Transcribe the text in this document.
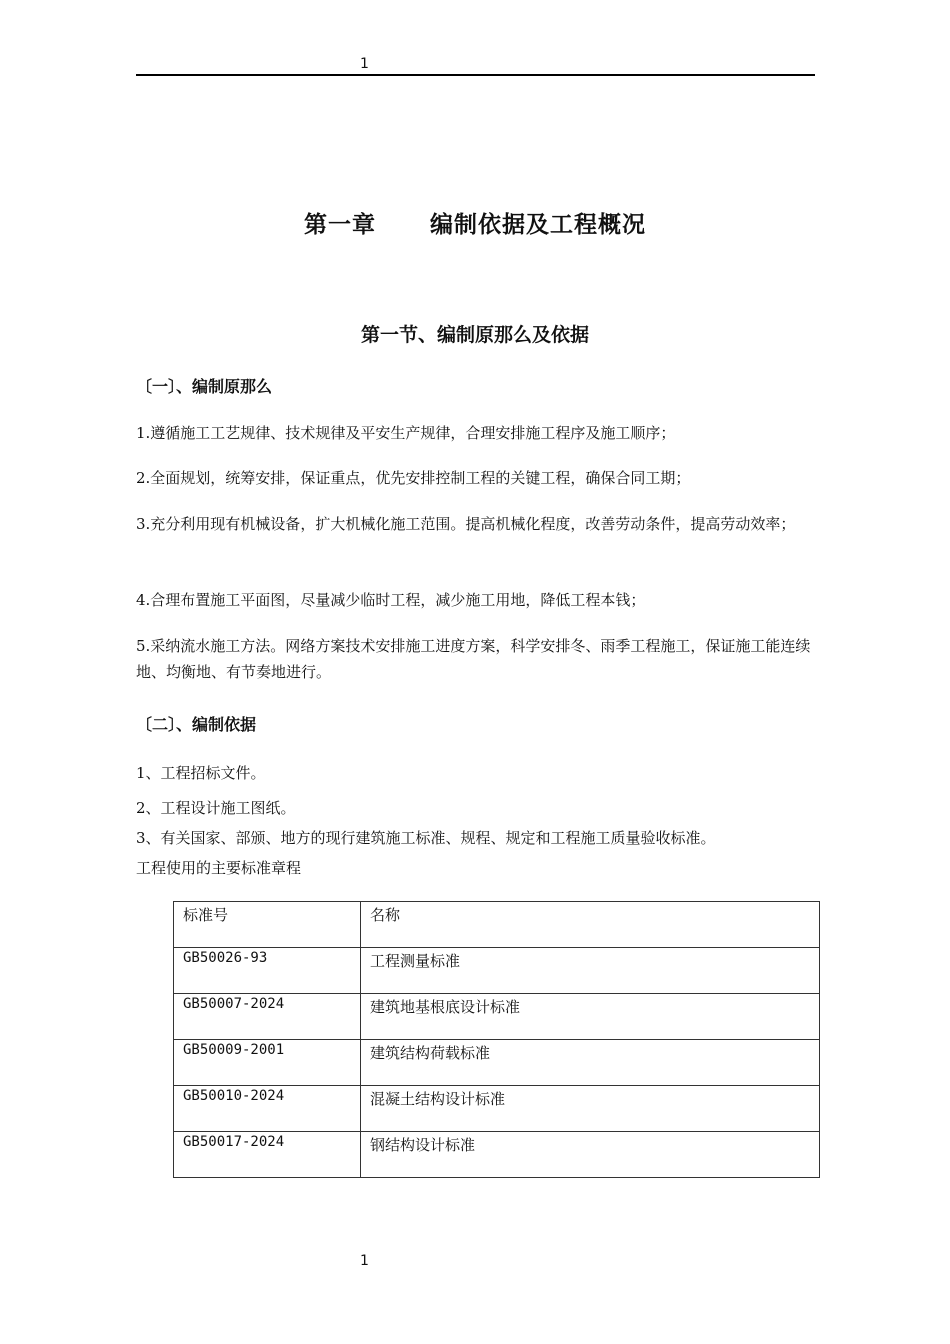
1
第一章 编制依据及工程概况
第一节、编制原那么及依据
〔一〕、编制原那么
1.遵循施工工艺规律、技术规律及平安生产规律，合理安排施工程序及施工顺序；
2.全面规划，统筹安排，保证重点，优先安排控制工程的关键工程，确保合同工期；
3.充分利用现有机械设备，扩大机械化施工范围。提高机械化程度，改善劳动条件，提高劳动效率；
4.合理布置施工平面图，尽量减少临时工程，减少施工用地，降低工程本钱；
5.采纳流水施工方法。网络方案技术安排施工进度方案，科学安排冬、雨季工程施工，保证施工能连续地、均衡地、有节奏地进行。
〔二〕、编制依据
1、工程招标文件。
2、工程设计施工图纸。
3、有关国家、部颁、地方的现行建筑施工标准、规程、规定和工程施工质量验收标准。
工程使用的主要标准章程
标准号	名称
GB50026-93	工程测量标准
GB50007-2024	建筑地基根底设计标准
GB50009-2001	建筑结构荷载标准
GB50010-2024	混凝土结构设计标准
GB50017-2024	钢结构设计标准
1
